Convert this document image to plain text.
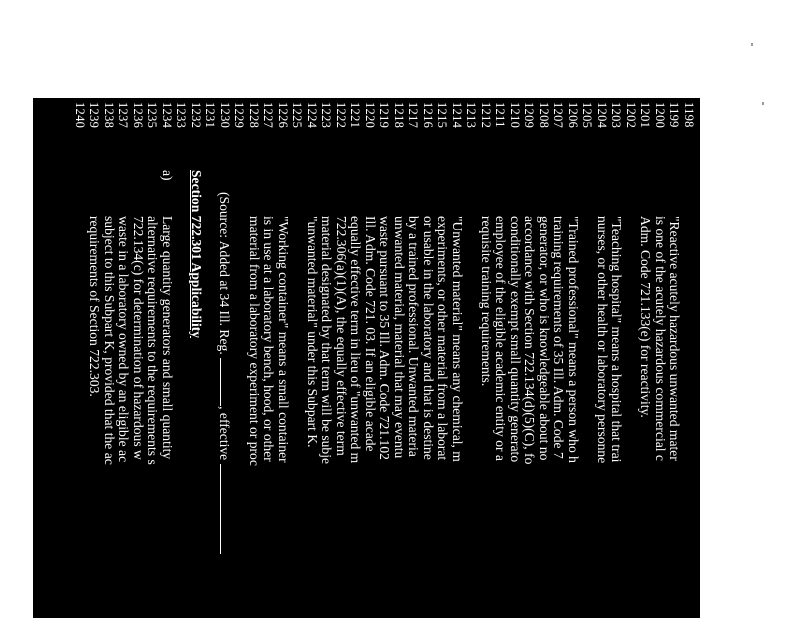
1198
1199
"Reactive acutely hazardous unwanted mater
1200
is one of the acutely hazardous commercial c
1201
Adm. Code 721.133(e) for reactivity.
1202
1203
"Teaching hospital" means a hospital that trai
1204
nurses, or other health or laboratory personne
1205
1206
"Trained professional" means a person who h
1207
training requirements of 35 Ill. Adm. Code 7
1208
generator, or who is knowledgeable about no
1209
accordance with Section 722.134(d)(5)(C), fo
1210
conditionally exempt small quantity generato
1211
employee of the eligible academic entity or a
1212
requisite training requirements.
1213
1214
"Unwanted material" means any chemical, m
1215
experiments, or other material from a laborat
1216
or usable in the laboratory and that is destine
1217
by a trained professional. Unwanted materia
1218
unwanted material, material that may eventu
1219
waste pursuant to 35 Ill. Adm. Code 721.102
1220
Ill. Adm. Code 721. 03. If an eligible acade
1221
equally effective term in lieu of "unwanted m
1222
722.306(a)(1)(A), the equally effective term
1223
material designated by that term will be subje
1224
"unwanted material" under this Subpart K.
1225
1226
"Working container" means a small container
1227
is in use at a laboratory bench, hood, or other
1228
material from a laboratory experiment or proc
1229
1230
(Source: Added at 34 Ill. Reg. , effective
1231
1232
Section 722.301 Applicability
1233
1234
a)
Large quantity generators and small quantity
1235
alternative requirements to the requirements s
1236
722.134(c) for determination of hazardous w
1237
waste in a laboratory owned by an eligible ac
1238
subject to this Subpart K, provided that the ac
1239
requirements of Section 722.303.
1240
